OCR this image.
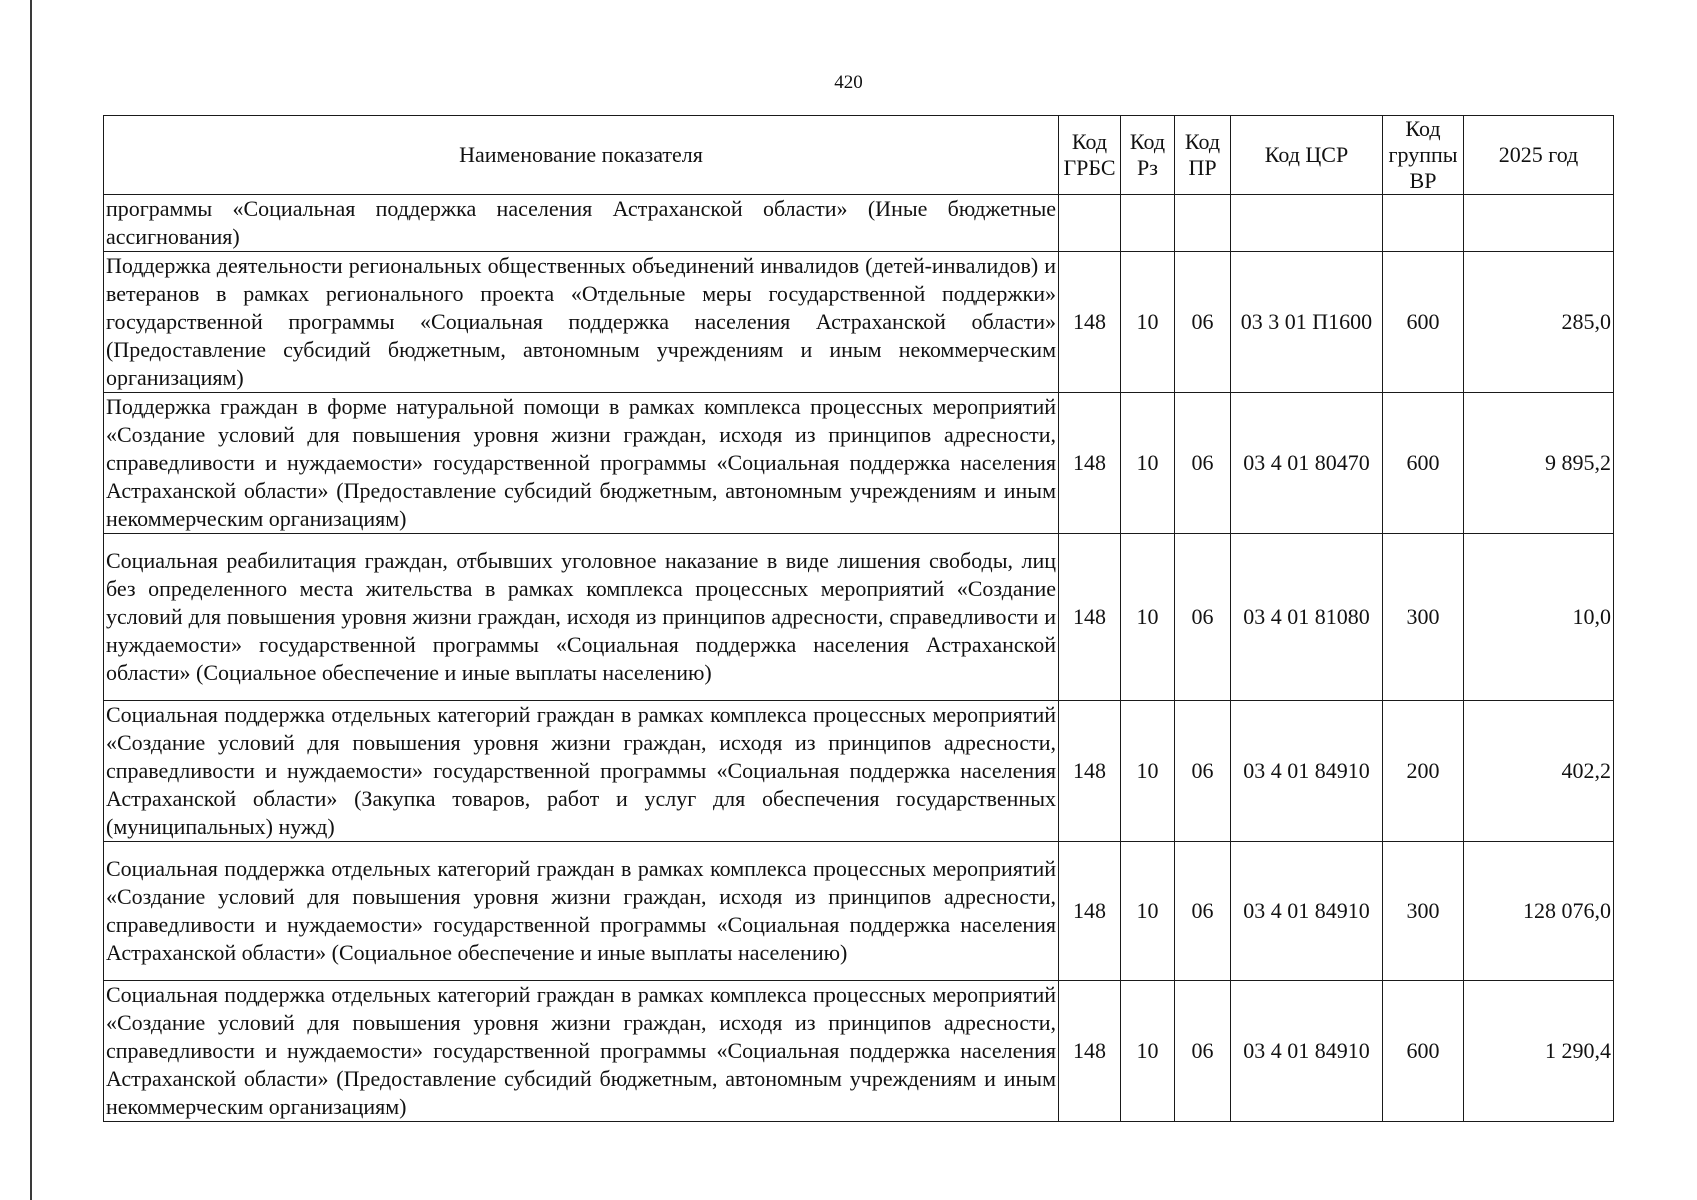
420
Наименование показателя	Код ГРБС	Код Рз	Код ПР	Код ЦСР	Код группы ВР	2025 год
программы «Социальная поддержка населения Астраханской области» (Иные бюджетные ассигнования)						
Поддержка деятельности региональных общественных объединений инвалидов (детей-инвалидов) и ветеранов в рамках регионального проекта «Отдельные меры государственной поддержки» государственной программы «Социальная поддержка населения Астраханской области» (Предоставление субсидий бюджетным, автономным учреждениям и иным некоммерческим организациям)	148	10	06	03 3 01 П1600	600	285,0
Поддержка граждан в форме натуральной помощи в рамках комплекса процессных мероприятий «Создание условий для повышения уровня жизни граждан, исходя из принципов адресности, справедливости и нуждаемости» государственной программы «Социальная поддержка населения Астраханской области» (Предоставление субсидий бюджетным, автономным учреждениям и иным некоммерческим организациям)	148	10	06	03 4 01 80470	600	9 895,2
Социальная реабилитация граждан, отбывших уголовное наказание в виде лишения свободы, лиц без определенного места жительства в рамках комплекса процессных мероприятий «Создание условий для повышения уровня жизни граждан, исходя из принципов адресности, справедливости и нуждаемости» государственной программы «Социальная поддержка населения Астраханской области» (Социальное обеспечение и иные выплаты населению)	148	10	06	03 4 01 81080	300	10,0
Социальная поддержка отдельных категорий граждан в рамках комплекса процессных мероприятий «Создание условий для повышения уровня жизни граждан, исходя из принципов адресности, справедливости и нуждаемости» государственной программы «Социальная поддержка населения Астраханской области» (Закупка товаров, работ и услуг для обеспечения государственных (муниципальных) нужд)	148	10	06	03 4 01 84910	200	402,2
Социальная поддержка отдельных категорий граждан в рамках комплекса процессных мероприятий «Создание условий для повышения уровня жизни граждан, исходя из принципов адресности, справедливости и нуждаемости» государственной программы «Социальная поддержка населения Астраханской области» (Социальное обеспечение и иные выплаты населению)	148	10	06	03 4 01 84910	300	128 076,0
Социальная поддержка отдельных категорий граждан в рамках комплекса процессных мероприятий «Создание условий для повышения уровня жизни граждан, исходя из принципов адресности, справедливости и нуждаемости» государственной программы «Социальная поддержка населения Астраханской области» (Предоставление субсидий бюджетным, автономным учреждениям и иным некоммерческим организациям)	148	10	06	03 4 01 84910	600	1 290,4
